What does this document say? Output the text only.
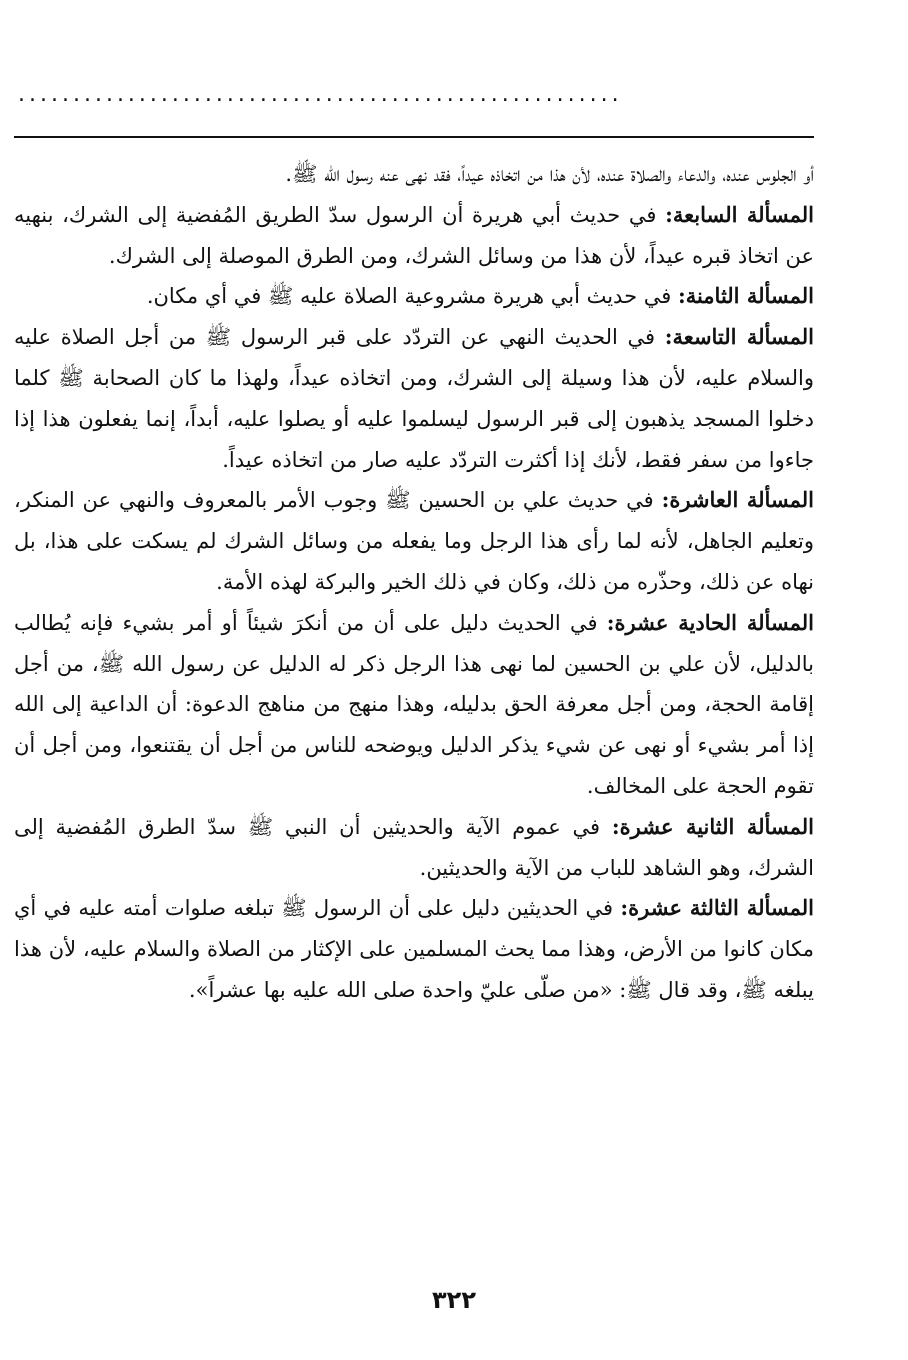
.......................................................

أو الجلوس عنده، والدعاء والصلاة عنده، لأن هذا من اتخاذه عيداً، فقد نهى عنه رسول الله ﷺ.

المسألة السابعة: في حديث أبي هريرة أن الرسول سدّ الطريق المُفضية إلى الشرك، بنهيه عن اتخاذ قبره عيداً، لأن هذا من وسائل الشرك، ومن الطرق الموصلة إلى الشرك.

المسألة الثامنة: في حديث أبي هريرة مشروعية الصلاة عليه ﷺ في أي مكان.

المسألة التاسعة: في الحديث النهي عن التردّد على قبر الرسول ﷺ من أجل الصلاة عليه والسلام عليه، لأن هذا وسيلة إلى الشرك، ومن اتخاذه عيداً، ولهذا ما كان الصحابة ﷺ كلما دخلوا المسجد يذهبون إلى قبر الرسول ليسلموا عليه أو يصلوا عليه، أبداً، إنما يفعلون هذا إذا جاءوا من سفر فقط، لأنك إذا أكثرت التردّد عليه صار من اتخاذه عيداً.

المسألة العاشرة: في حديث علي بن الحسين ﷺ وجوب الأمر بالمعروف والنهي عن المنكر، وتعليم الجاهل، لأنه لما رأى هذا الرجل وما يفعله من وسائل الشرك لم يسكت على هذا، بل نهاه عن ذلك، وحذّره من ذلك، وكان في ذلك الخير والبركة لهذه الأمة.

المسألة الحادية عشرة: في الحديث دليل على أن من أنكرَ شيئاً أو أمر بشيء فإنه يُطالب بالدليل، لأن علي بن الحسين لما نهى هذا الرجل ذكر له الدليل عن رسول الله ﷺ، من أجل إقامة الحجة، ومن أجل معرفة الحق بدليله، وهذا منهج من مناهج الدعوة: أن الداعية إلى الله إذا أمر بشيء أو نهى عن شيء يذكر الدليل ويوضحه للناس من أجل أن يقتنعوا، ومن أجل أن تقوم الحجة على المخالف.

المسألة الثانية عشرة: في عموم الآية والحديثين أن النبي ﷺ سدّ الطرق المُفضية إلى الشرك، وهو الشاهد للباب من الآية والحديثين.

المسألة الثالثة عشرة: في الحديثين دليل على أن الرسول ﷺ تبلغه صلوات أمته عليه في أي مكان كانوا من الأرض، وهذا مما يحث المسلمين على الإكثار من الصلاة والسلام عليه، لأن هذا يبلغه ﷺ، وقد قال ﷺ: «من صلّى عليّ واحدة صلى الله عليه بها عشراً».

٣٢٢
